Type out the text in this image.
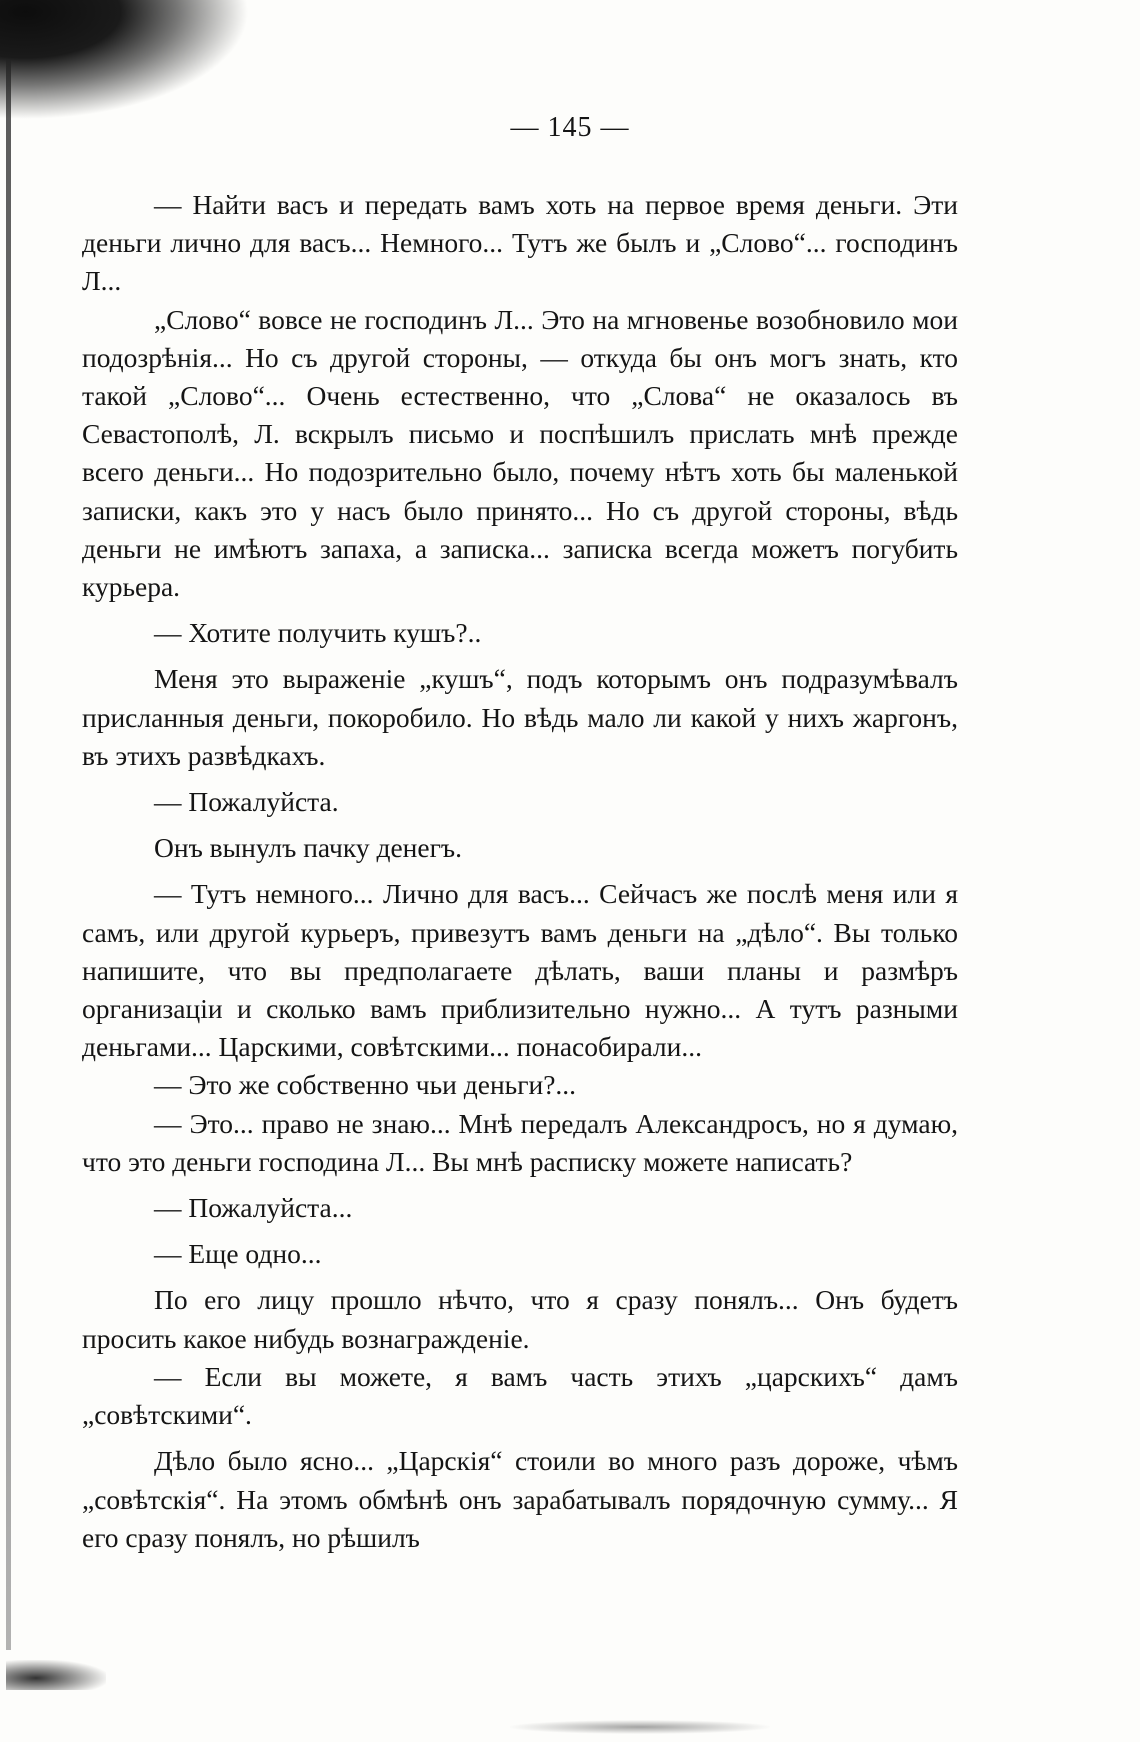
— 145 —

— Найти васъ и передать вамъ хоть на первое время деньги. Эти деньги лично для васъ... Немного... Тутъ же былъ и „Слово“... господинъ Л...

„Слово“ вовсе не господинъ Л... Это на мгновенье возобновило мои подозрѣнія... Но съ другой стороны, — откуда бы онъ могъ знать, кто такой „Слово“... Очень естественно, что „Слова“ не оказалось въ Севастополѣ, Л. вскрылъ письмо и поспѣшилъ прислать мнѣ прежде всего деньги... Но подозрительно было, почему нѣтъ хоть бы маленькой записки, какъ это у насъ было принято... Но съ другой стороны, вѣдь деньги не имѣютъ запаха, а записка... записка всегда можетъ погубить курьера.

— Хотите получить кушъ?..

Меня это выраженіе „кушъ“, подъ которымъ онъ подразумѣвалъ присланныя деньги, покоробило. Но вѣдь мало ли какой у нихъ жаргонъ, въ этихъ развѣдкахъ.

— Пожалуйста.

Онъ вынулъ пачку денегъ.

— Тутъ немного... Лично для васъ... Сейчасъ же послѣ меня или я самъ, или другой курьеръ, привезутъ вамъ деньги на „дѣло“. Вы только напишите, что вы предполагаете дѣлать, ваши планы и размѣръ организаціи и сколько вамъ приблизительно нужно... А тутъ разными деньгами... Царскими, совѣтскими... понасобирали...

— Это же собственно чьи деньги?...

— Это... право не знаю... Мнѣ передалъ Александросъ, но я думаю, что это деньги господина Л... Вы мнѣ расписку можете написать?

— Пожалуйста...

— Еще одно...

По его лицу прошло нѣчто, что я сразу понялъ... Онъ будетъ просить какое нибудь вознагражденіе.

— Если вы можете, я вамъ часть этихъ „царскихъ“ дамъ „совѣтскими“.

Дѣло было ясно... „Царскія“ стоили во много разъ дороже, чѣмъ „совѣтскія“. На этомъ обмѣнѣ онъ зарабатывалъ порядочную сумму... Я его сразу понялъ, но рѣшилъ
